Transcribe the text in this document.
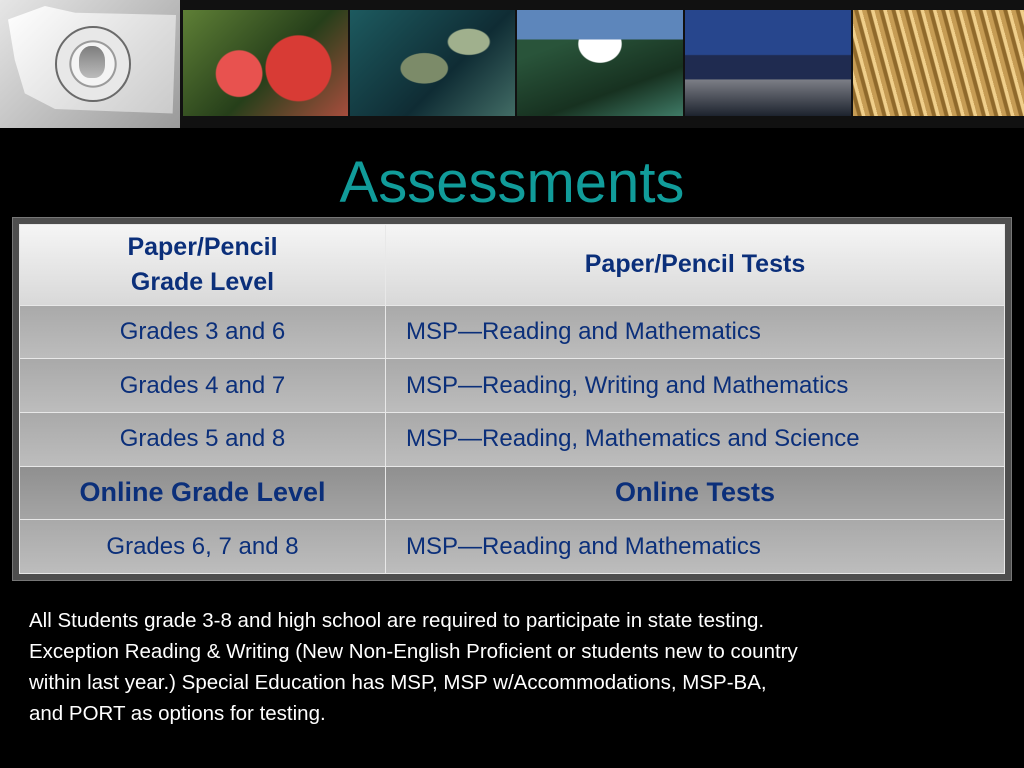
Assessments
Paper/Pencil
Grade Level	Paper/Pencil Tests
Grades 3 and 6	MSP—Reading and Mathematics
Grades 4 and 7	MSP—Reading, Writing and Mathematics
Grades 5 and 8	MSP—Reading, Mathematics and Science
Online Grade Level	Online Tests
Grades 6, 7 and 8	MSP—Reading and Mathematics

All Students grade 3-8 and high school are required to participate in state testing.

Exception Reading & Writing (New Non-English Proficient or students new to country

within last year.) Special Education has MSP, MSP w/Accommodations, MSP-BA,

and PORT as options for testing.
